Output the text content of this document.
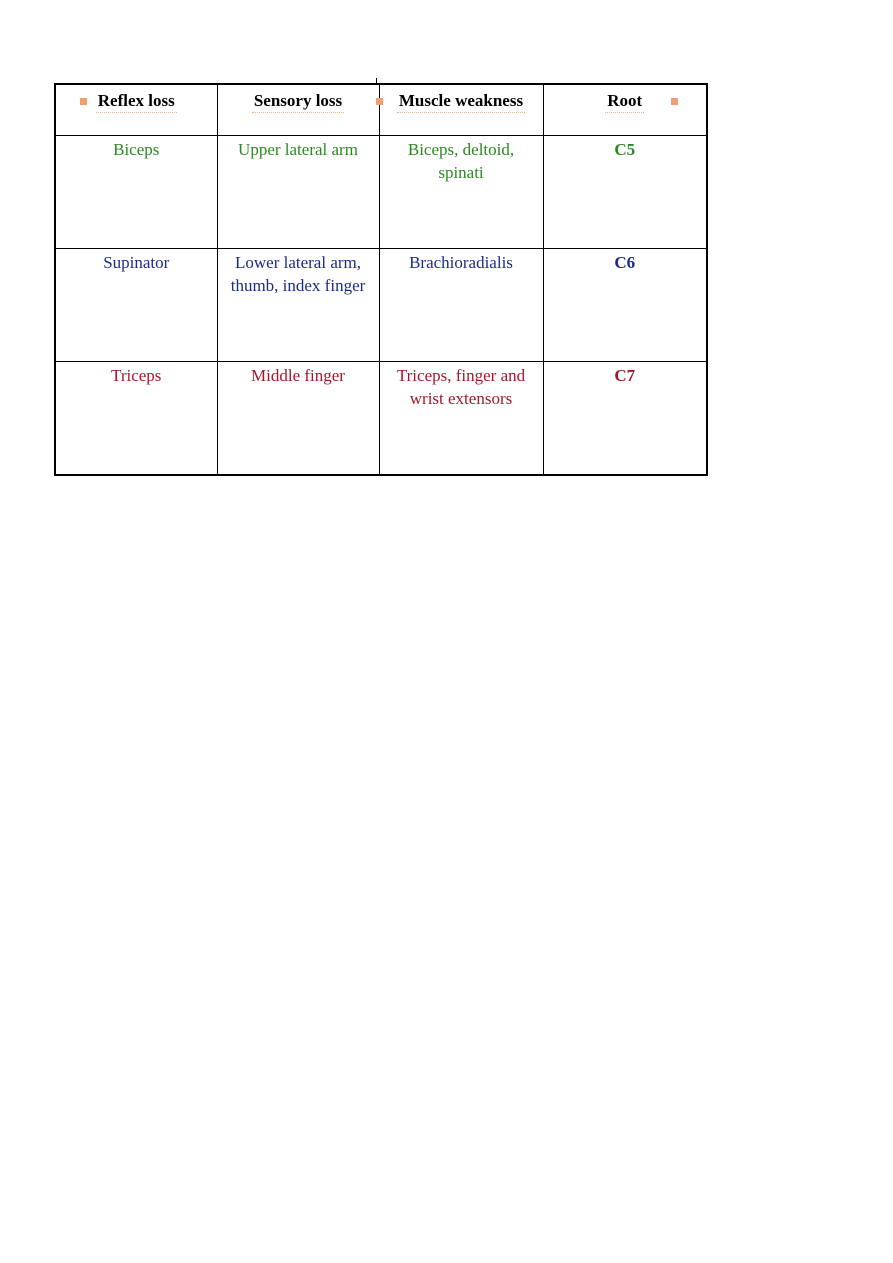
Reflex loss	Sensory loss	Muscle weakness	Root

Biceps	Upper lateral arm	Biceps, deltoid, spinati	C5
Supinator	Lower lateral arm, thumb, index finger	Brachioradialis	C6
Triceps	Middle finger	Triceps, finger and wrist extensors	C7
